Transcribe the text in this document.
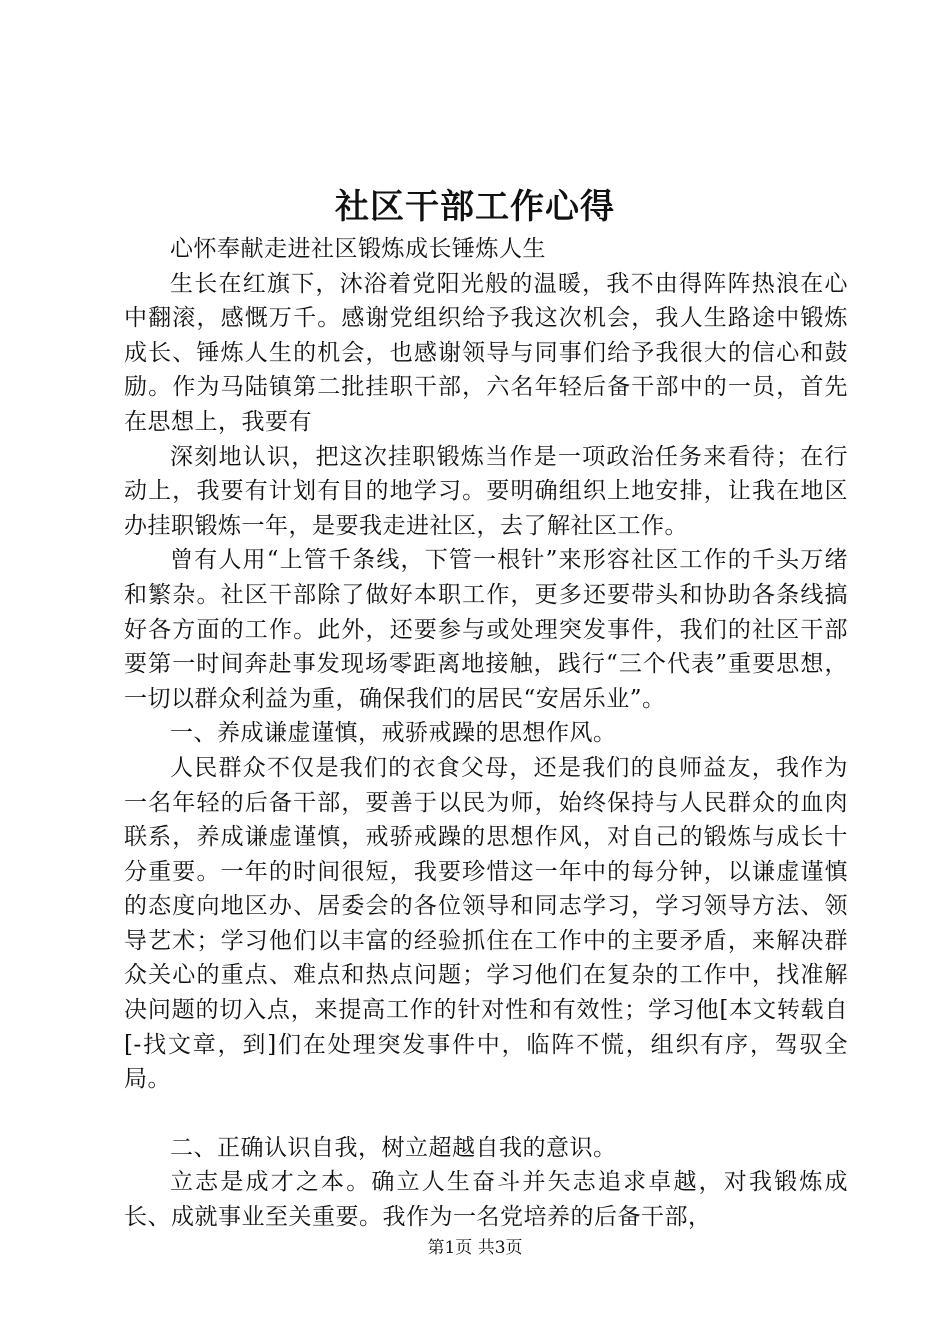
社区干部工作心得

心怀奉献走进社区锻炼成长锤炼人生

生长在红旗下，沐浴着党阳光般的温暖，我不由得阵阵热浪在心中翻滚，感慨万千。感谢党组织给予我这次机会，我人生路途中锻炼成长、锤炼人生的机会，也感谢领导与同事们给予我很大的信心和鼓励。作为马陆镇第二批挂职干部，六名年轻后备干部中的一员，首先在思想上，我要有

深刻地认识，把这次挂职锻炼当作是一项政治任务来看待；在行动上，我要有计划有目的地学习。要明确组织上地安排，让我在地区办挂职锻炼一年，是要我走进社区，去了解社区工作。

曾有人用“上管千条线，下管一根针”来形容社区工作的千头万绪和繁杂。社区干部除了做好本职工作，更多还要带头和协助各条线搞好各方面的工作。此外，还要参与或处理突发事件，我们的社区干部要第一时间奔赴事发现场零距离地接触，践行“三个代表”重要思想，一切以群众利益为重，确保我们的居民“安居乐业”。

一、养成谦虚谨慎，戒骄戒躁的思想作风。

人民群众不仅是我们的衣食父母，还是我们的良师益友，我作为一名年轻的后备干部，要善于以民为师，始终保持与人民群众的血肉联系，养成谦虚谨慎，戒骄戒躁的思想作风，对自己的锻炼与成长十分重要。一年的时间很短，我要珍惜这一年中的每分钟，以谦虚谨慎的态度向地区办、居委会的各位领导和同志学习，学习领导方法、领导艺术；学习他们以丰富的经验抓住在工作中的主要矛盾，来解决群众关心的重点、难点和热点问题；学习他们在复杂的工作中，找准解决问题的切入点，来提高工作的针对性和有效性；学习他[本文转载自[-找文章，到]们在处理突发事件中，临阵不慌，组织有序，驾驭全局。

二、正确认识自我，树立超越自我的意识。

立志是成才之本。确立人生奋斗并矢志追求卓越，对我锻炼成长、成就事业至关重要。我作为一名党培养的后备干部，

第1页 共3页
